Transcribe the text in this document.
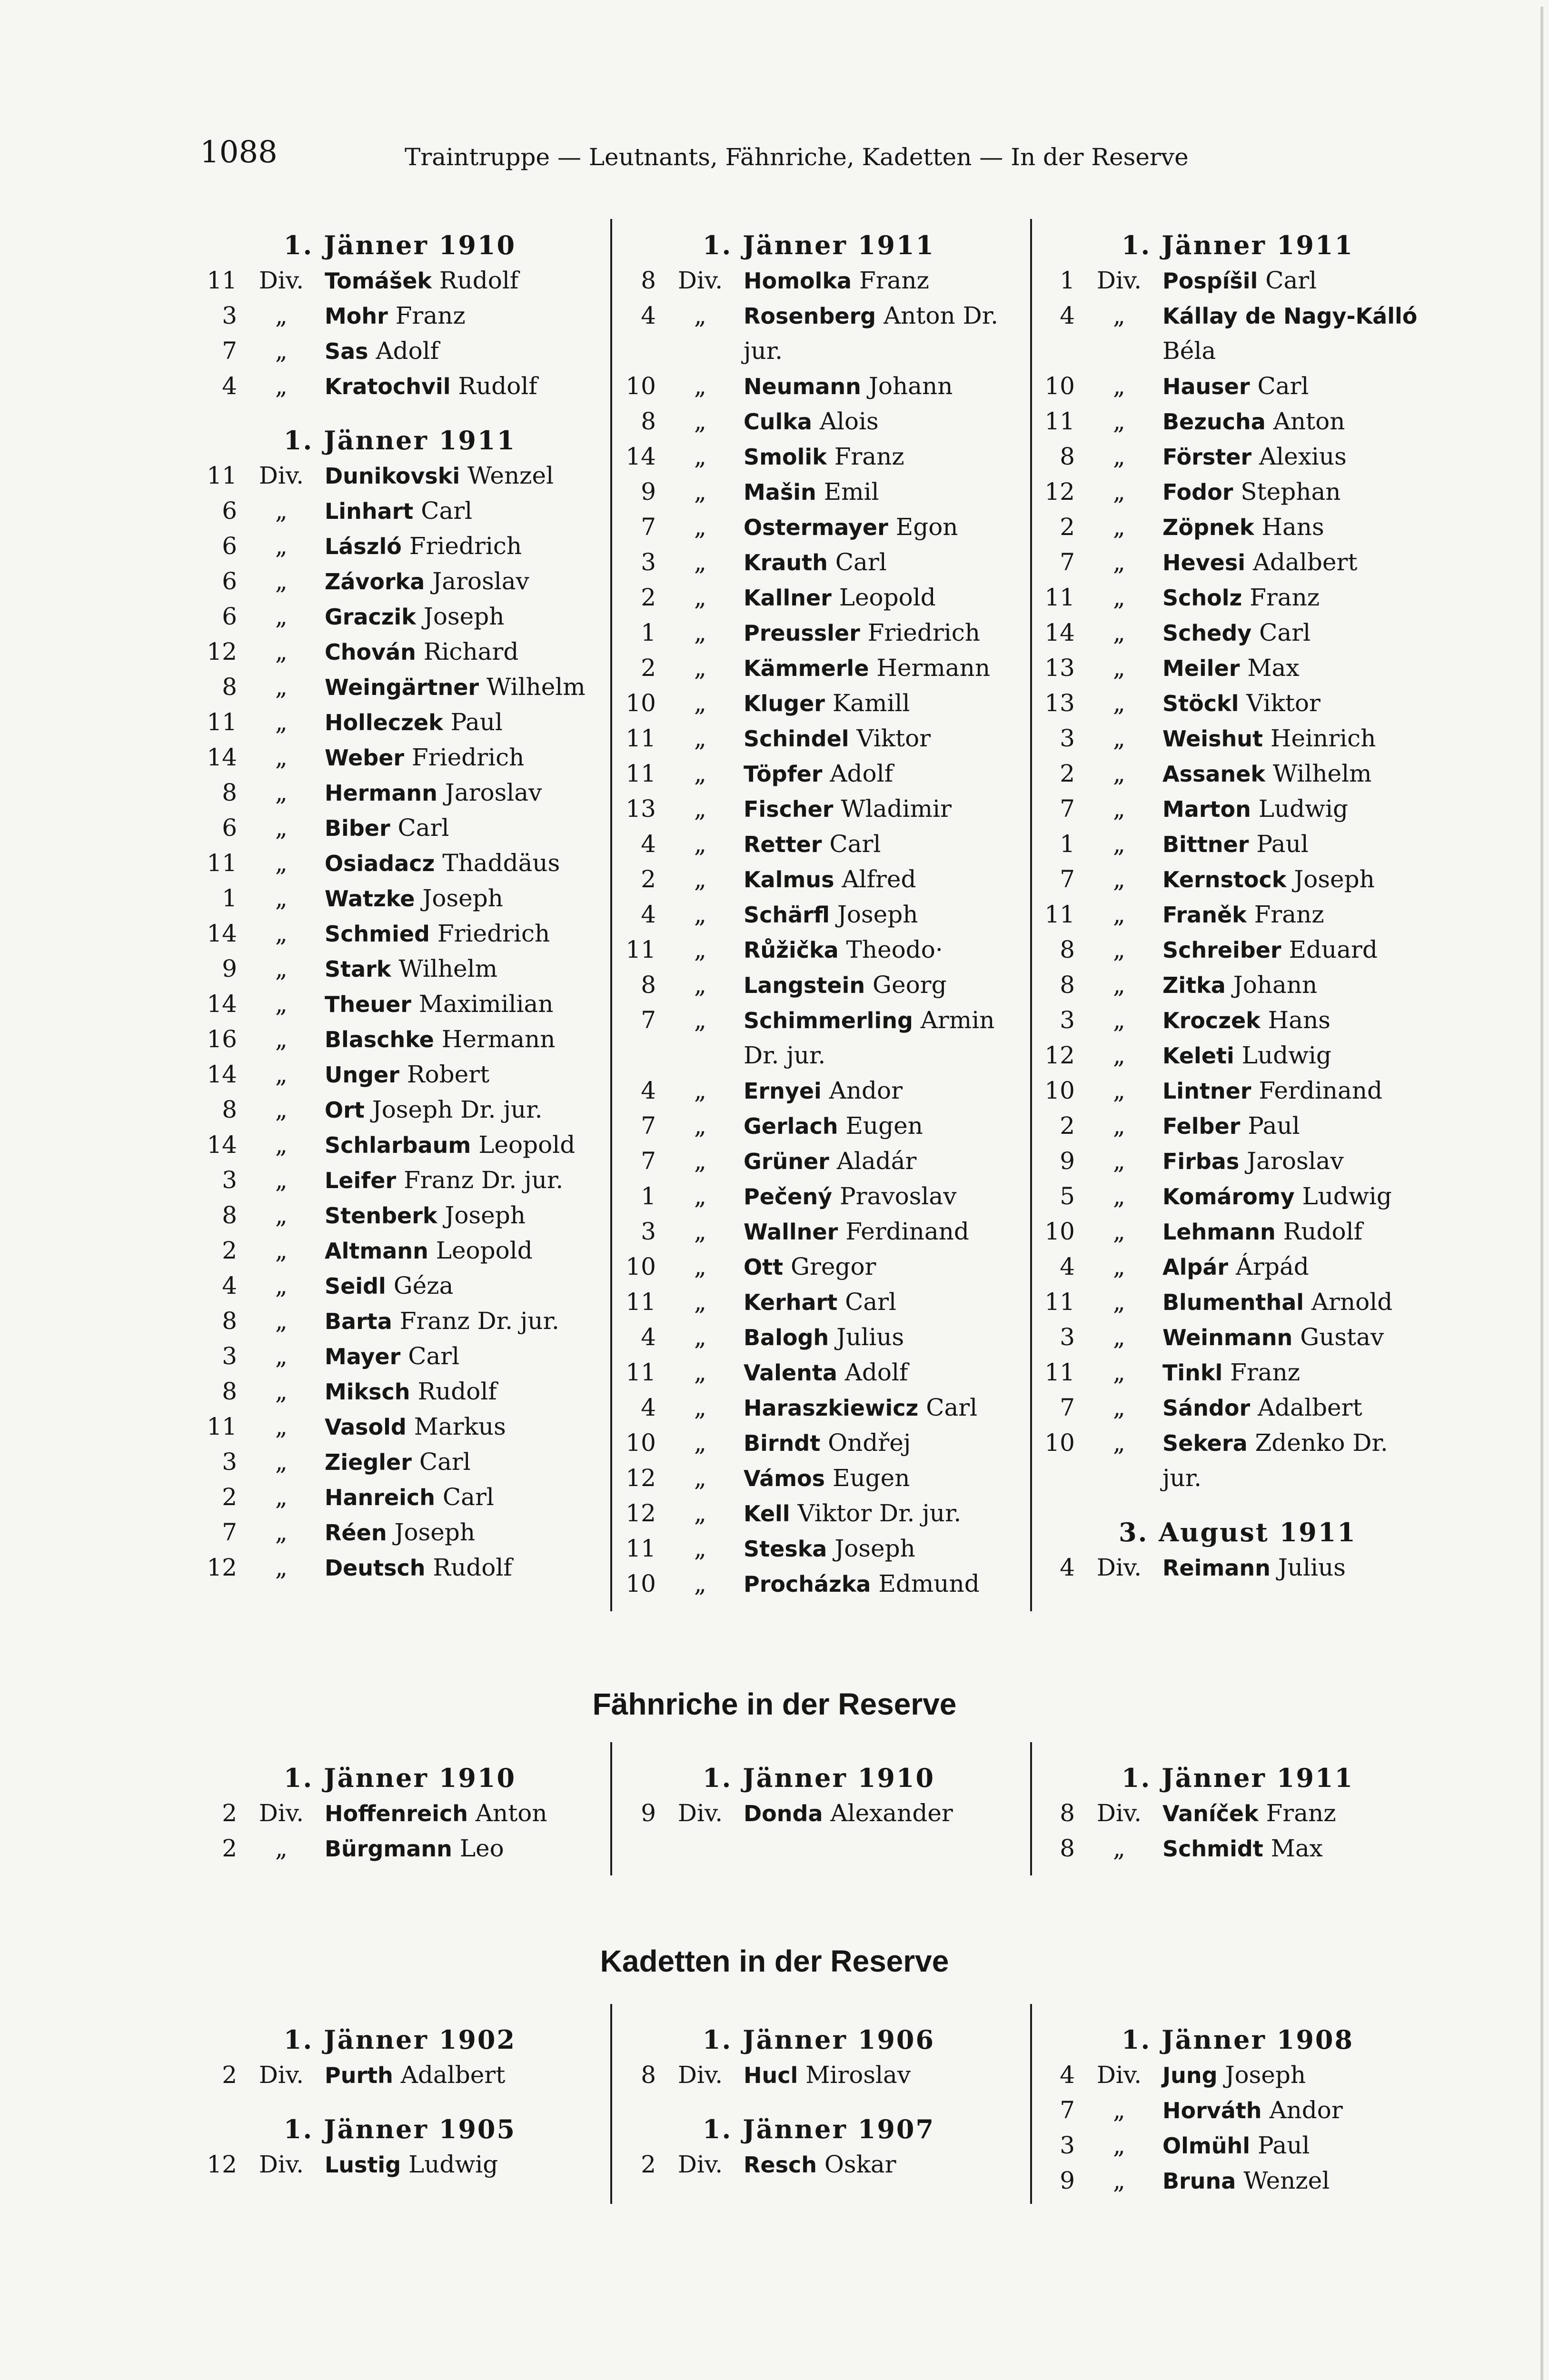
1088	Traintruppe — Leutnants, Fähnriche, Kadetten — In der Reserve
1. Jänner 1910
11 Div. Tomášek Rudolf
3	„	Mohr Franz
7	„	Sas Adolf
4	„	Kratochvil Rudolf
1. Jänner 1911
11 Div. Dunikovski Wenzel
6	„	Linhart Carl
6	„	László Friedrich
6	„	Závorka Jaroslav
6	„	Graczik Joseph
12	„	Chován Richard
8	„	Weingärtner Wilhelm
11	„	Holleczek Paul
14	„	Weber Friedrich
8	„	Hermann Jaroslav
6	„	Biber Carl
11	„	Osiadacz Thaddäus
1	„	Watzke Joseph
14	„	Schmied Friedrich
9	„	Stark Wilhelm
14	„	Theuer Maximilian
16	„	Blaschke Hermann
14	„	Unger Robert
8	„	Ort Joseph Dr. jur.
14	„	Schlarbaum Leopold
3	„	Leifer Franz Dr. jur.
8	„	Stenberk Joseph
2	„	Altmann Leopold
4	„	Seidl Géza
8	„	Barta Franz Dr. jur.
3	„	Mayer Carl
8	„	Miksch Rudolf
11	„	Vasold Markus
3	„	Ziegler Carl
2	„	Hanreich Carl
7	„	Réen Joseph
12	„	Deutsch Rudolf
1. Jänner 1911
8 Div. Homolka Franz
4	„	Rosenberg Anton Dr.
jur.
10	„	Neumann Johann
8	„	Culka Alois
14	„	Smolik Franz
9	„	Mašin Emil
7	„	Ostermayer Egon
3	„	Krauth Carl
2	„	Kallner Leopold
1	„	Preussler Friedrich
2	„	Kämmerle Hermann
10	„	Kluger Kamill
11	„	Schindel Viktor
11	„	Töpfer Adolf
13	„	Fischer Wladimir
4	„	Retter Carl
2	„	Kalmus Alfred
4	„	Schärfl Joseph
11	„	Růžička Theodo·
8	„	Langstein Georg
7	„	Schimmerling Armin
Dr. jur.
4	„	Ernyei Andor
7	„	Gerlach Eugen
7	„	Grüner Aladár
1	„	Pečený Pravoslav
3	„	Wallner Ferdinand
10	„	Ott Gregor
11	„	Kerhart Carl
4	„	Balogh Julius
11	„	Valenta Adolf
4	„	Haraszkiewicz Carl
10	„	Birndt Ondřej
12	„	Vámos Eugen
12	„	Kell Viktor Dr. jur.
11	„	Steska Joseph
10	„	Procházka Edmund
1. Jänner 1911
1 Div. Pospíšil Carl
4	„	Kállay de Nagy-Kálló
Béla
10	„	Hauser Carl
11	„	Bezucha Anton
8	„	Förster Alexius
12	„	Fodor Stephan
2	„	Zöpnek Hans
7	„	Hevesi Adalbert
11	„	Scholz Franz
14	„	Schedy Carl
13	„	Meiler Max
13	„	Stöckl Viktor
3	„	Weishut Heinrich
2	„	Assanek Wilhelm
7	„	Marton Ludwig
1	„	Bittner Paul
7	„	Kernstock Joseph
11	„	Franěk Franz
8	„	Schreiber Eduard
8	„	Zitka Johann
3	„	Kroczek Hans
12	„	Keleti Ludwig
10	„	Lintner Ferdinand
2	„	Felber Paul
9	„	Firbas Jaroslav
5	„	Komáromy Ludwig
10	„	Lehmann Rudolf
4	„	Alpár Árpád
11	„	Blumenthal Arnold
3	„	Weinmann Gustav
11	„	Tinkl Franz
7	„	Sándor Adalbert
10	„	Sekera Zdenko Dr.
jur.
3. August 1911
4 Div. Reimann Julius
Fähnriche in der Reserve
1. Jänner 1910
2 Div. Hoffenreich Anton
2	„	Bürgmann Leo
1. Jänner 1910
9 Div. Donda Alexander
1. Jänner 1911
8 Div. Vaníček Franz
8	„	Schmidt Max
Kadetten in der Reserve
1. Jänner 1902
2 Div. Purth Adalbert
1. Jänner 1905
12 Div. Lustig Ludwig
1. Jänner 1906
8 Div. Hucl Miroslav
1. Jänner 1907
2 Div. Resch Oskar
1. Jänner 1908
4 Div. Jung Joseph
7	„	Horváth Andor
3	„	Olmühl Paul
9	„	Bruna Wenzel
